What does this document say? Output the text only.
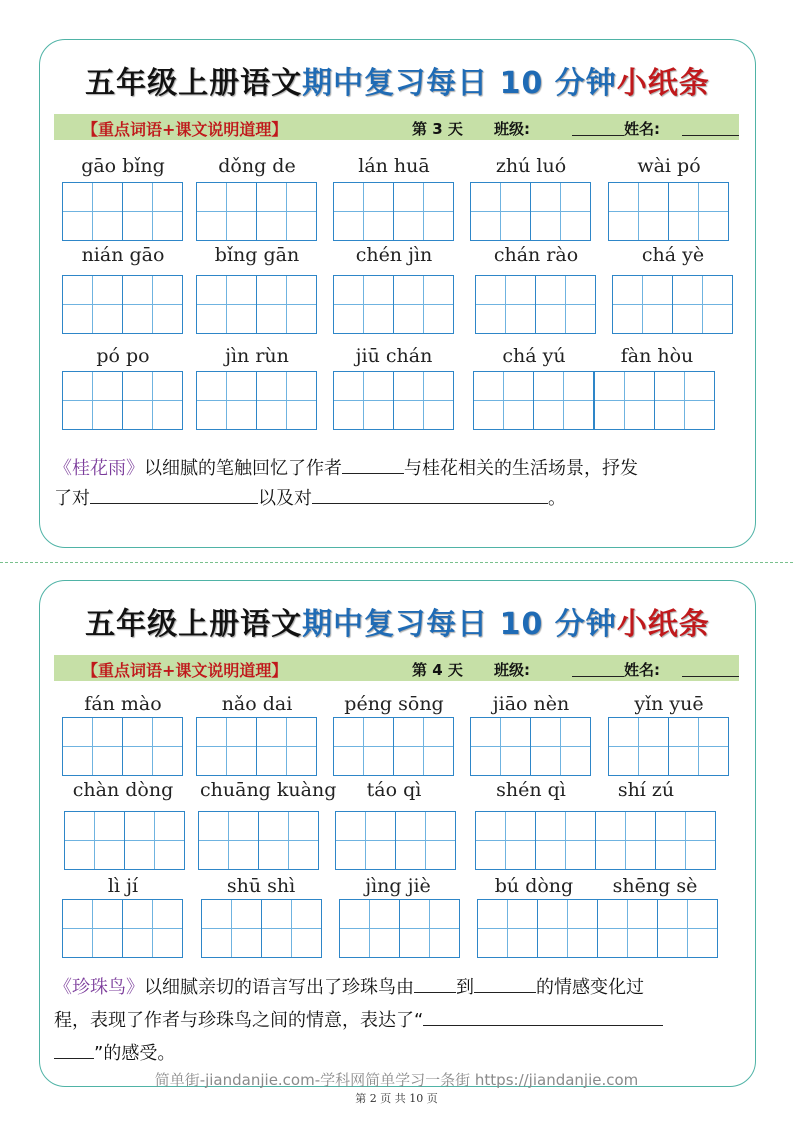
五年级上册语文期中复习每日 10 分钟小纸条
【重点词语+课文说明道理】	第 3 天 班级:	姓名:
gāo bǐng	dǒng de	lán huā	zhú luó	wài pó
nián gāo	bǐng gān	chén jìn	chán rào	chá yè
pó po	jìn rùn	jiū chán	chá yú	fàn hòu
《桂花雨》以细腻的笔触回忆了作者	与桂花相关的生活场景，抒发
了对	以及对	。
五年级上册语文期中复习每日 10 分钟小纸条
【重点词语+课文说明道理】	第 4 天 班级:	姓名:
fán mào	nǎo dai	péng sōng	jiāo nèn	yǐn yuē
chàn dòng	chuāng kuàng	táo qì	shén qì	shí zú
lì jí	shū shì	jìng jiè	bú dòng	shēng sè
《珍珠鸟》以细腻亲切的语言写出了珍珠鸟由 到	的情感变化过
程，表现了作者与珍珠鸟之间的情意，表达了“
”的感受。
简单街-jiandanjie.com-学科网简单学习一条街 https://jiandanjie.com
第 2 页 共 10 页
